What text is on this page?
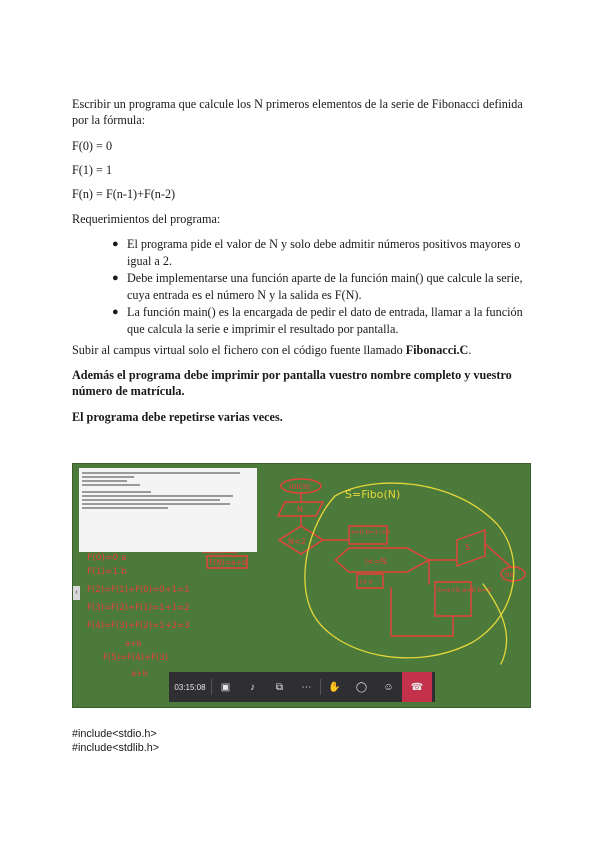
Escribir un programa que calcule los N primeros elementos de la serie de Fibonacci definida por la fórmula:

F(0) = 0

F(1) = 1

F(n) = F(n-1)+F(n-2)

Requerimientos del programa:

● El programa pide el valor de N y solo debe admitir números positivos mayores o igual a 2.
● Debe implementarse una función aparte de la función main() que calcule la serie, cuya entrada es el número N y la salida es F(N).
● La función main() es la encargada de pedir el dato de entrada, llamar a la función que calcula la serie e imprimir el resultado por pantalla.

Subir al campus virtual solo el fichero con el código fuente llamado Fibonacci.C.

Además el programa debe imprimir por pantalla vuestro nombre completo y vuestro número de matrícula.

El programa debe repetirse varias veces.

inicio
N
N<2
a=0 b=1 i=2
i<=N
i++
S
S=a+b a=b b=S
fin
F(N)=a+b
F(0)=0 a
F(1)=1 b
F(2)=F(1)+F(0)=0+1=1
F(3)=F(2)+F(1)=1+1=2
F(4)=F(3)+F(2)=1+2=3
a+b
F(5)=F(4)+F(3)
a+b
S=Fibo(N)
‹
03:15:08	▣	♪	⧉	⋯	✋	◯	☺	☎

#include<stdio.h>

#include<stdlib.h>
